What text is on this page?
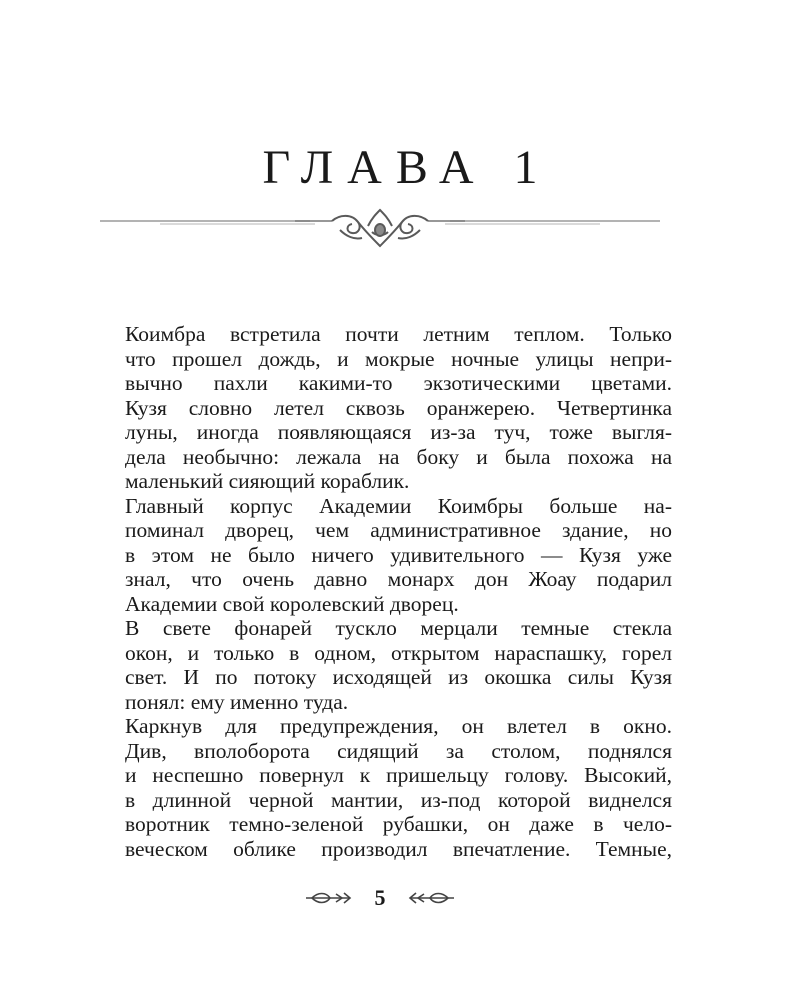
ГЛАВА 1

Коимбра встретила почти летним теплом. Только
что прошел дождь, и мокрые ночные улицы непри-
вычно пахли какими-то экзотическими цветами.
Кузя словно летел сквозь оранжерею. Четвертинка
луны, иногда появляющаяся из-за туч, тоже выгля-
дела необычно: лежала на боку и была похожа на
маленький сияющий кораблик.

Главный корпус Академии Коимбры больше на-
поминал дворец, чем административное здание, но
в этом не было ничего удивительного — Кузя уже
знал, что очень давно монарх дон Жоау подарил
Академии свой королевский дворец.

В свете фонарей тускло мерцали темные стекла
окон, и только в одном, открытом нараспашку, горел
свет. И по потоку исходящей из окошка силы Кузя
понял: ему именно туда.

Каркнув для предупреждения, он влетел в окно.
Див, вполоборота сидящий за столом, поднялся
и неспешно повернул к пришельцу голову. Высокий,
в длинной черной мантии, из-под которой виднелся
воротник темно-зеленой рубашки, он даже в чело-
веческом облике производил впечатление. Темные,

5
